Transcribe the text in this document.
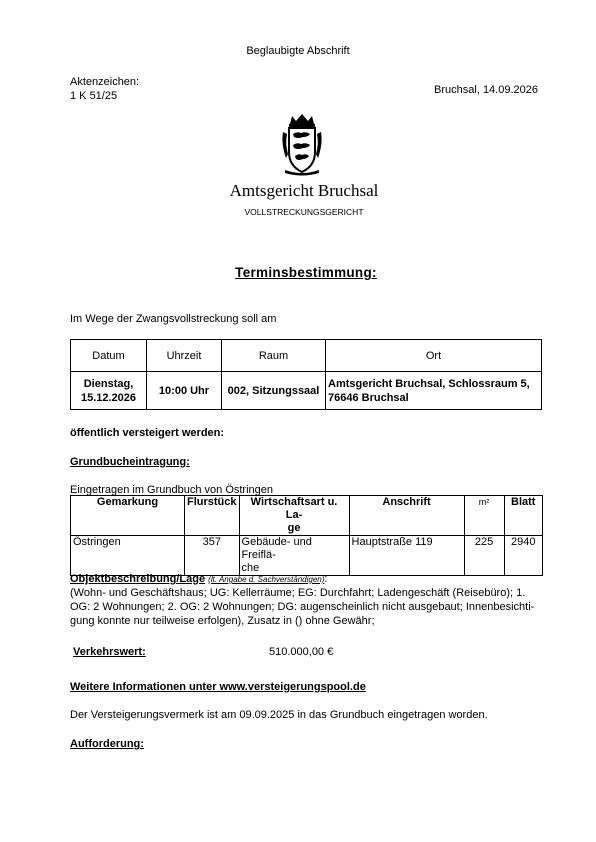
Beglaubigte Abschrift
Aktenzeichen:
1 K 51/25	Bruchsal, 14.09.2026
Amtsgericht Bruchsal
VOLLSTRECKUNGSGERICHT
Terminsbestimmung:
Im Wege der Zwangsvollstreckung soll am
Datum	Uhrzeit	Raum	Ort
Dienstag,
15.12.2026	10:00 Uhr	002, Sitzungssaal	Amtsgericht Bruchsal, Schlossraum 5,
76646 Bruchsal
öffentlich versteigert werden:
Grundbucheintragung:
Eingetragen im Grundbuch von Östringen
Gemarkung	Flurstück	Wirtschaftsart u. La-
ge	Anschrift	m²	Blatt
Östringen	357	Gebäude- und Freiflä-
che	Hauptstraße 119	225	2940
Objektbeschreibung/Lage (lt. Angabe d. Sachverständigen):
(Wohn- und Geschäftshaus; UG: Kellerräume; EG: Durchfahrt; Ladengeschäft (Reisebüro); 1.
OG: 2 Wohnungen; 2. OG: 2 Wohnungen; DG: augenscheinlich nicht ausgebaut; Innenbesichti-
gung konnte nur teilweise erfolgen), Zusatz in () ohne Gewähr;
Verkehrswert:	510.000,00 €
Weitere Informationen unter www.versteigerungspool.de
Der Versteigerungsvermerk ist am 09.09.2025 in das Grundbuch eingetragen worden.
Aufforderung:
